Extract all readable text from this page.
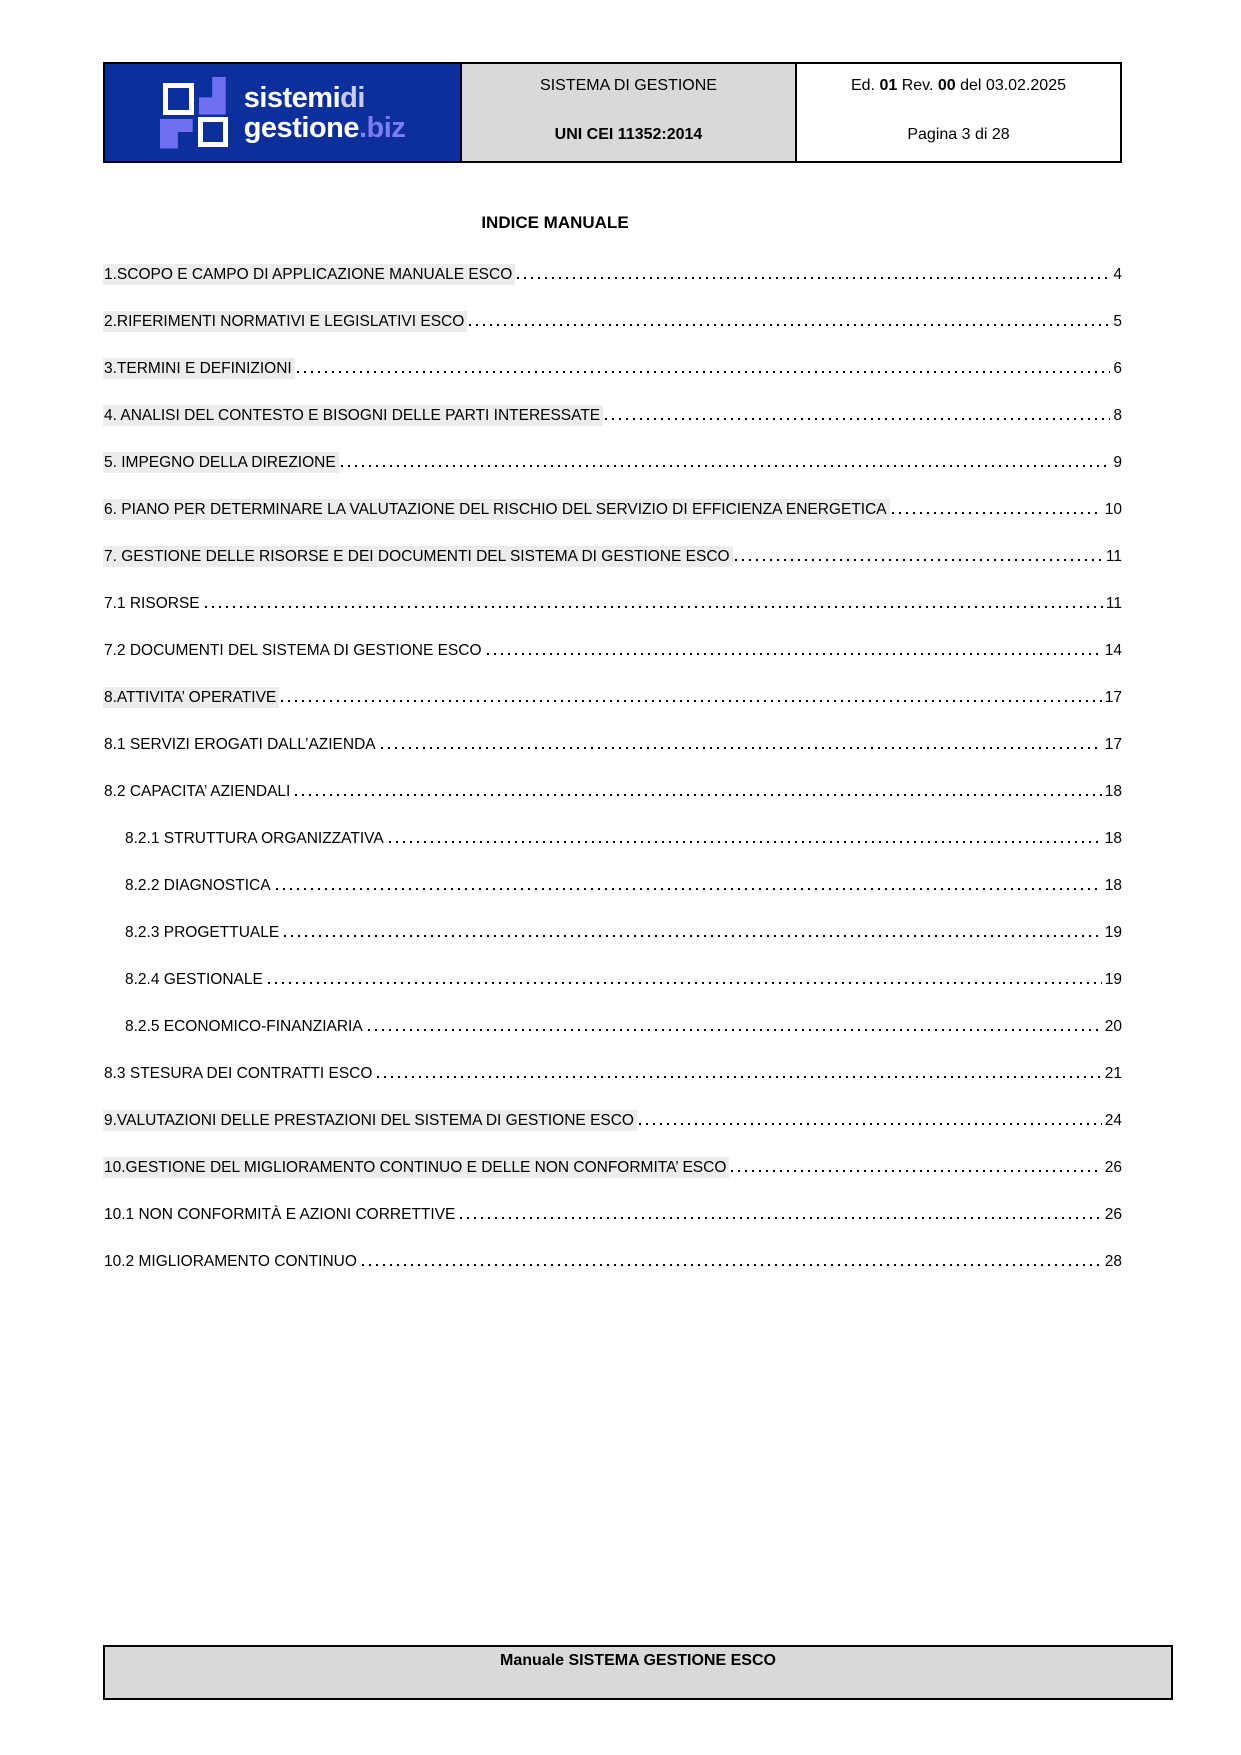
sistemidi
gestione.biz
SISTEMA DI GESTIONE
UNI CEI 11352:2014
Ed. 01 Rev. 00 del 03.02.2025
Pagina 3 di 28
INDICE MANUALE
1.SCOPO E CAMPO DI APPLICAZIONE MANUALE ESCO	4
2.RIFERIMENTI NORMATIVI E LEGISLATIVI ESCO	5
3.TERMINI E DEFINIZIONI	6
4. ANALISI DEL CONTESTO E BISOGNI DELLE PARTI INTERESSATE	8
5. IMPEGNO DELLA DIREZIONE	9
6. PIANO PER DETERMINARE LA VALUTAZIONE DEL RISCHIO DEL SERVIZIO DI EFFICIENZA ENERGETICA	10
7. GESTIONE DELLE RISORSE E DEI DOCUMENTI DEL SISTEMA DI GESTIONE ESCO	11
7.1 RISORSE	11
7.2 DOCUMENTI DEL SISTEMA DI GESTIONE ESCO	14
8.ATTIVITA’ OPERATIVE	17
8.1 SERVIZI EROGATI DALL’AZIENDA	17
8.2 CAPACITA’ AZIENDALI	18
8.2.1 STRUTTURA ORGANIZZATIVA	18
8.2.2 DIAGNOSTICA	18
8.2.3 PROGETTUALE	19
8.2.4 GESTIONALE	19
8.2.5 ECONOMICO-FINANZIARIA	20
8.3 STESURA DEI CONTRATTI ESCO	21
9.VALUTAZIONI DELLE PRESTAZIONI DEL SISTEMA DI GESTIONE ESCO	24
10.GESTIONE DEL MIGLIORAMENTO CONTINUO E DELLE NON CONFORMITA’ ESCO	26
10.1 NON CONFORMITÀ E AZIONI CORRETTIVE	26
10.2 MIGLIORAMENTO CONTINUO	28
Manuale SISTEMA GESTIONE ESCO
